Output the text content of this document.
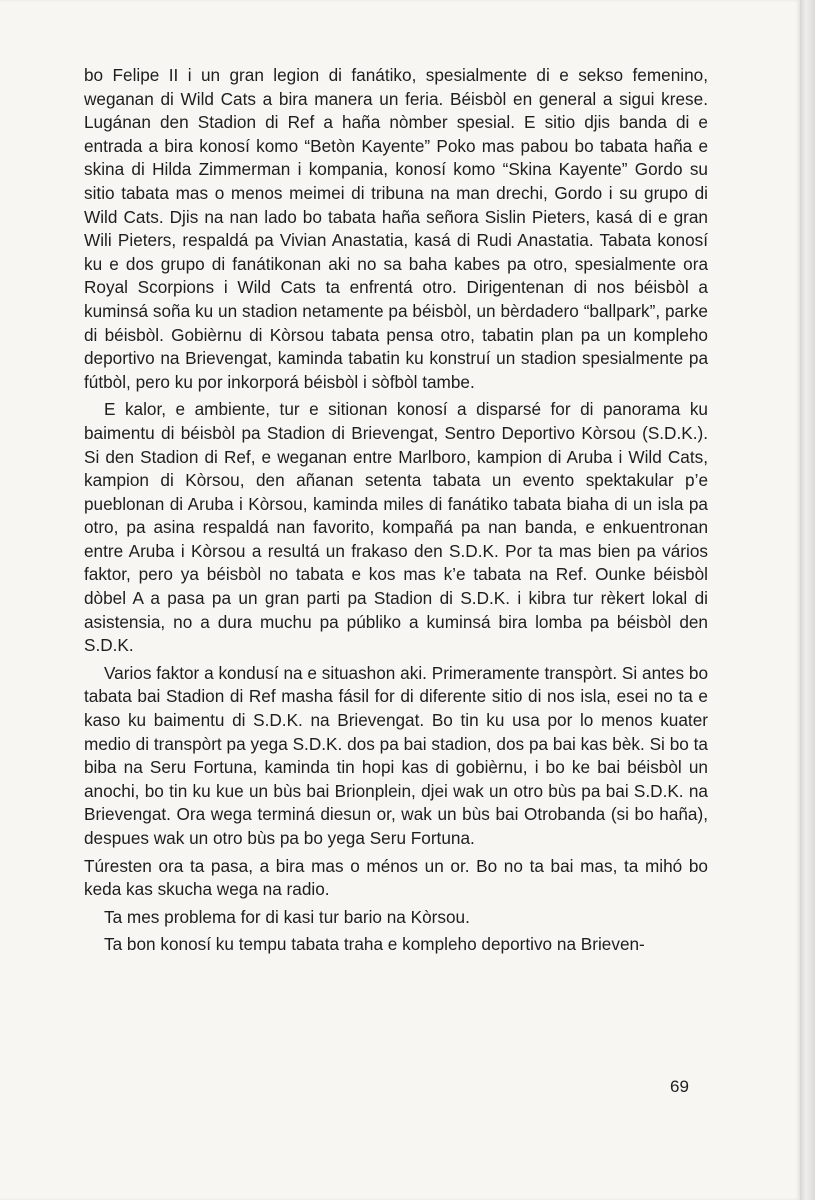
bo Felipe II i un gran legion di fanátiko, spesialmente di e sekso femenino, weganan di Wild Cats a bira manera un feria. Béisbòl en general a sigui krese. Lugánan den Stadion di Ref a haña nòmber spesial. E sitio djis banda di e entrada a bira konosí komo “Betòn Kayente” Poko mas pabou bo tabata haña e skina di Hilda Zimmerman i kompania, konosí komo “Skina Kayente” Gordo su sitio tabata mas o menos meimei di tribuna na man drechi, Gordo i su grupo di Wild Cats. Djis na nan lado bo tabata haña señora Sislin Pieters, kasá di e gran Wili Pieters, respaldá pa Vivian Anastatia, kasá di Rudi Anastatia. Tabata konosí ku e dos grupo di fanátikonan aki no sa baha kabes pa otro, spesialmente ora Royal Scorpions i Wild Cats ta enfrentá otro. Dirigentenan di nos béisbòl a kuminsá soña ku un stadion netamente pa béisbòl, un bèrdadero “ballpark”, parke di béisbòl. Gobièrnu di Kòrsou tabata pensa otro, tabatin plan pa un kompleho deportivo na Brievengat, kaminda tabatin ku konstruí un stadion spesialmente pa fútbòl, pero ku por inkorporá béisbòl i sòfbòl tambe.

E kalor, e ambiente, tur e sitionan konosí a disparsé for di panorama ku baimentu di béisbòl pa Stadion di Brievengat, Sentro Deportivo Kòrsou (S.D.K.). Si den Stadion di Ref, e weganan entre Marlboro, kampion di Aruba i Wild Cats, kampion di Kòrsou, den añanan setenta tabata un evento spektakular p’e pueblonan di Aruba i Kòrsou, kaminda miles di fanátiko tabata biaha di un isla pa otro, pa asina respaldá nan favorito, kompañá pa nan banda, e enkuentronan entre Aruba i Kòrsou a resultá un frakaso den S.D.K. Por ta mas bien pa vários faktor, pero ya béisbòl no tabata e kos mas k’e tabata na Ref. Ounke béisbòl dòbel A a pasa pa un gran parti pa Stadion di S.D.K. i kibra tur rèkert lokal di asistensia, no a dura muchu pa públiko a kuminsá bira lomba pa béisbòl den S.D.K.

Varios faktor a kondusí na e situashon aki. Primeramente transpòrt. Si antes bo tabata bai Stadion di Ref masha fásil for di diferente sitio di nos isla, esei no ta e kaso ku baimentu di S.D.K. na Brievengat. Bo tin ku usa por lo menos kuater medio di transpòrt pa yega S.D.K. dos pa bai stadion, dos pa bai kas bèk. Si bo ta biba na Seru Fortuna, kaminda tin hopi kas di gobièrnu, i bo ke bai béisbòl un anochi, bo tin ku kue un bùs bai Brionplein, djei wak un otro bùs pa bai S.D.K. na Brievengat. Ora wega terminá diesun or, wak un bùs bai Otrobanda (si bo haña), despues wak un otro bùs pa bo yega Seru Fortuna.

Túresten ora ta pasa, a bira mas o ménos un or. Bo no ta bai mas, ta mihó bo keda kas skucha wega na radio.

Ta mes problema for di kasi tur bario na Kòrsou.

Ta bon konosí ku tempu tabata traha e kompleho deportivo na Brieven-

69
